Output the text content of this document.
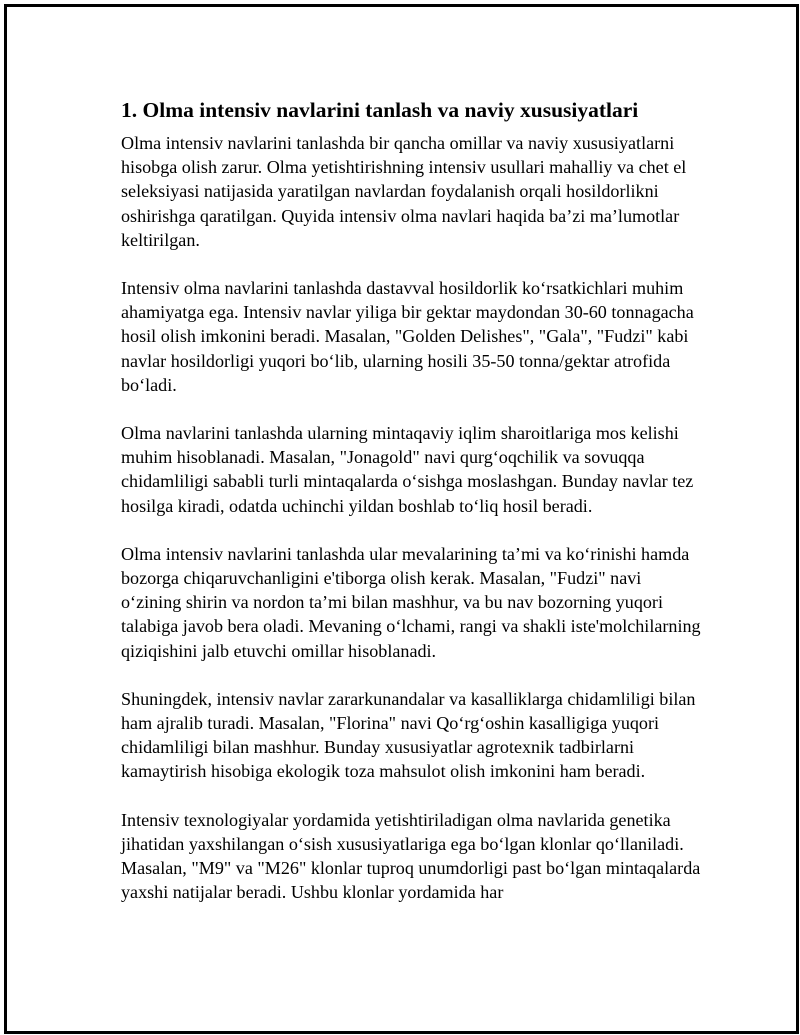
1. Olma intensiv navlarini tanlash va naviy xususiyatlari

Olma intensiv navlarini tanlashda bir qancha omillar va naviy xususiyatlarni hisobga olish zarur. Olma yetishtirishning intensiv usullari mahalliy va chet el seleksiyasi natijasida yaratilgan navlardan foydalanish orqali hosildorlikni oshirishga qaratilgan. Quyida intensiv olma navlari haqida ba’zi ma’lumotlar keltirilgan.

Intensiv olma navlarini tanlashda dastavval hosildorlik ko‘rsatkichlari muhim ahamiyatga ega. Intensiv navlar yiliga bir gektar maydondan 30-60 tonnagacha hosil olish imkonini beradi. Masalan, "Golden Delishes", "Gala", "Fudzi" kabi navlar hosildorligi yuqori bo‘lib, ularning hosili 35-50 tonna/gektar atrofida bo‘ladi.

Olma navlarini tanlashda ularning mintaqaviy iqlim sharoitlariga mos kelishi muhim hisoblanadi. Masalan, "Jonagold" navi qurg‘oqchilik va sovuqqa chidamliligi sababli turli mintaqalarda o‘sishga moslashgan. Bunday navlar tez hosilga kiradi, odatda uchinchi yildan boshlab to‘liq hosil beradi.

Olma intensiv navlarini tanlashda ular mevalarining ta’mi va ko‘rinishi hamda bozorga chiqaruvchanligini e'tiborga olish kerak. Masalan, "Fudzi" navi o‘zining shirin va nordon ta’mi bilan mashhur, va bu nav bozorning yuqori talabiga javob bera oladi. Mevaning o‘lchami, rangi va shakli iste'molchilarning qiziqishini jalb etuvchi omillar hisoblanadi.

Shuningdek, intensiv navlar zararkunandalar va kasalliklarga chidamliligi bilan ham ajralib turadi. Masalan, "Florina" navi Qo‘rg‘oshin kasalligiga yuqori chidamliligi bilan mashhur. Bunday xususiyatlar agrotexnik tadbirlarni kamaytirish hisobiga ekologik toza mahsulot olish imkonini ham beradi.

Intensiv texnologiyalar yordamida yetishtiriladigan olma navlarida genetika jihatidan yaxshilangan o‘sish xususiyatlariga ega bo‘lgan klonlar qo‘llaniladi. Masalan, "M9" va "M26" klonlar tuproq unumdorligi past bo‘lgan mintaqalarda yaxshi natijalar beradi. Ushbu klonlar yordamida har
